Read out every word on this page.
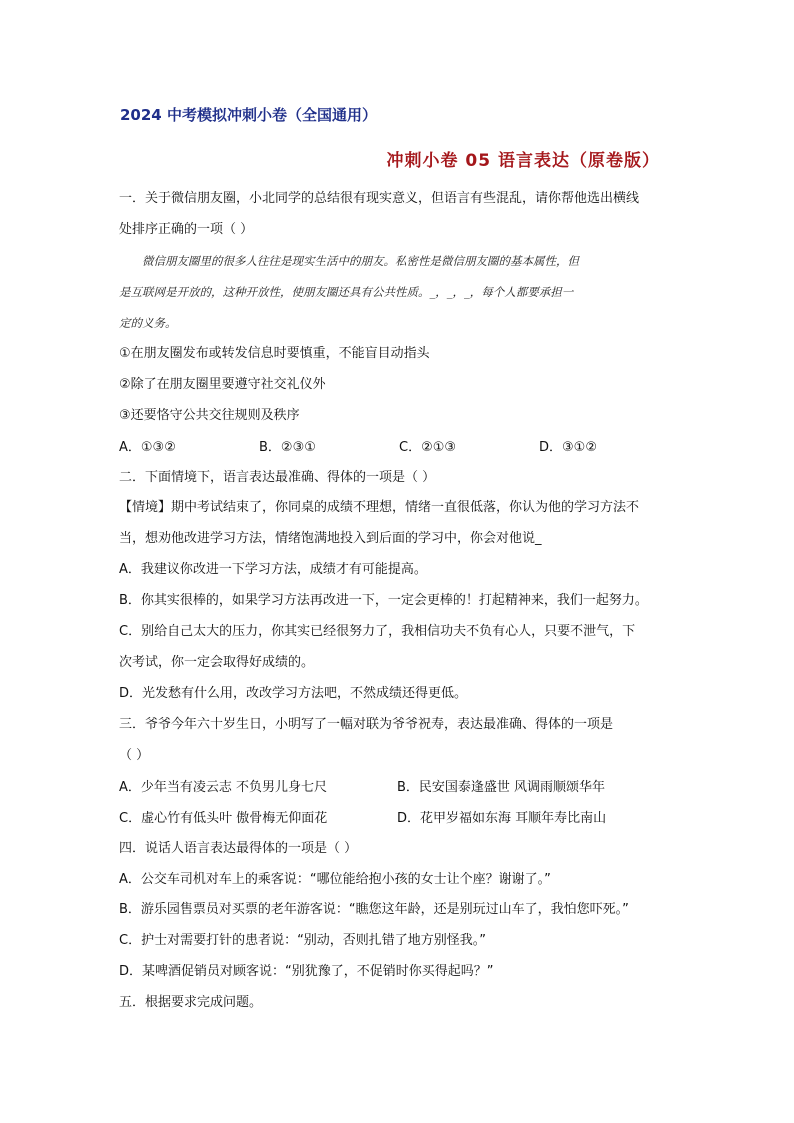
2024 中考模拟冲刺小卷（全国通用）
冲刺小卷 05 语言表达（原卷版）
一．关于微信朋友圈，小北同学的总结很有现实意义，但语言有些混乱，请你帮他选出横线
处排序正确的一项（ ）
微信朋友圈里的很多人往往是现实生活中的朋友。私密性是微信朋友圈的基本属性，但
是互联网是开放的，这种开放性，使朋友圈还具有公共性质。_，_，_，每个人都要承担一
定的义务。
①在朋友圈发布或转发信息时要慎重，不能盲目动指头
②除了在朋友圈里要遵守社交礼仪外
③还要恪守公共交往规则及秩序
A．①③②	B．②③①	C．②①③	D．③①②
二．下面情境下，语言表达最准确、得体的一项是（ ）
【情境】期中考试结束了，你同桌的成绩不理想，情绪一直很低落，你认为他的学习方法不
当，想劝他改进学习方法，情绪饱满地投入到后面的学习中，你会对他说_
A．我建议你改进一下学习方法，成绩才有可能提高。
B．你其实很棒的，如果学习方法再改进一下，一定会更棒的！打起精神来，我们一起努力。
C．别给自己太大的压力，你其实已经很努力了，我相信功夫不负有心人，只要不泄气，下
次考试，你一定会取得好成绩的。
D．光发愁有什么用，改改学习方法吧，不然成绩还得更低。
三．爷爷今年六十岁生日，小明写了一幅对联为爷爷祝寿，表达最准确、得体的一项是
（ ）
A．少年当有凌云志 不负男儿身七尺	B．民安国泰逢盛世 风调雨顺颂华年
C．虚心竹有低头叶 傲骨梅无仰面花	D．花甲岁福如东海 耳顺年寿比南山
四．说话人语言表达最得体的一项是（ ）
A．公交车司机对车上的乘客说：“哪位能给抱小孩的女士让个座？谢谢了。”
B．游乐园售票员对买票的老年游客说：“瞧您这年龄，还是别玩过山车了，我怕您吓死。”
C．护士对需要打针的患者说：“别动，否则扎错了地方别怪我。”
D．某啤酒促销员对顾客说：“别犹豫了，不促销时你买得起吗？”
五．根据要求完成问题。
